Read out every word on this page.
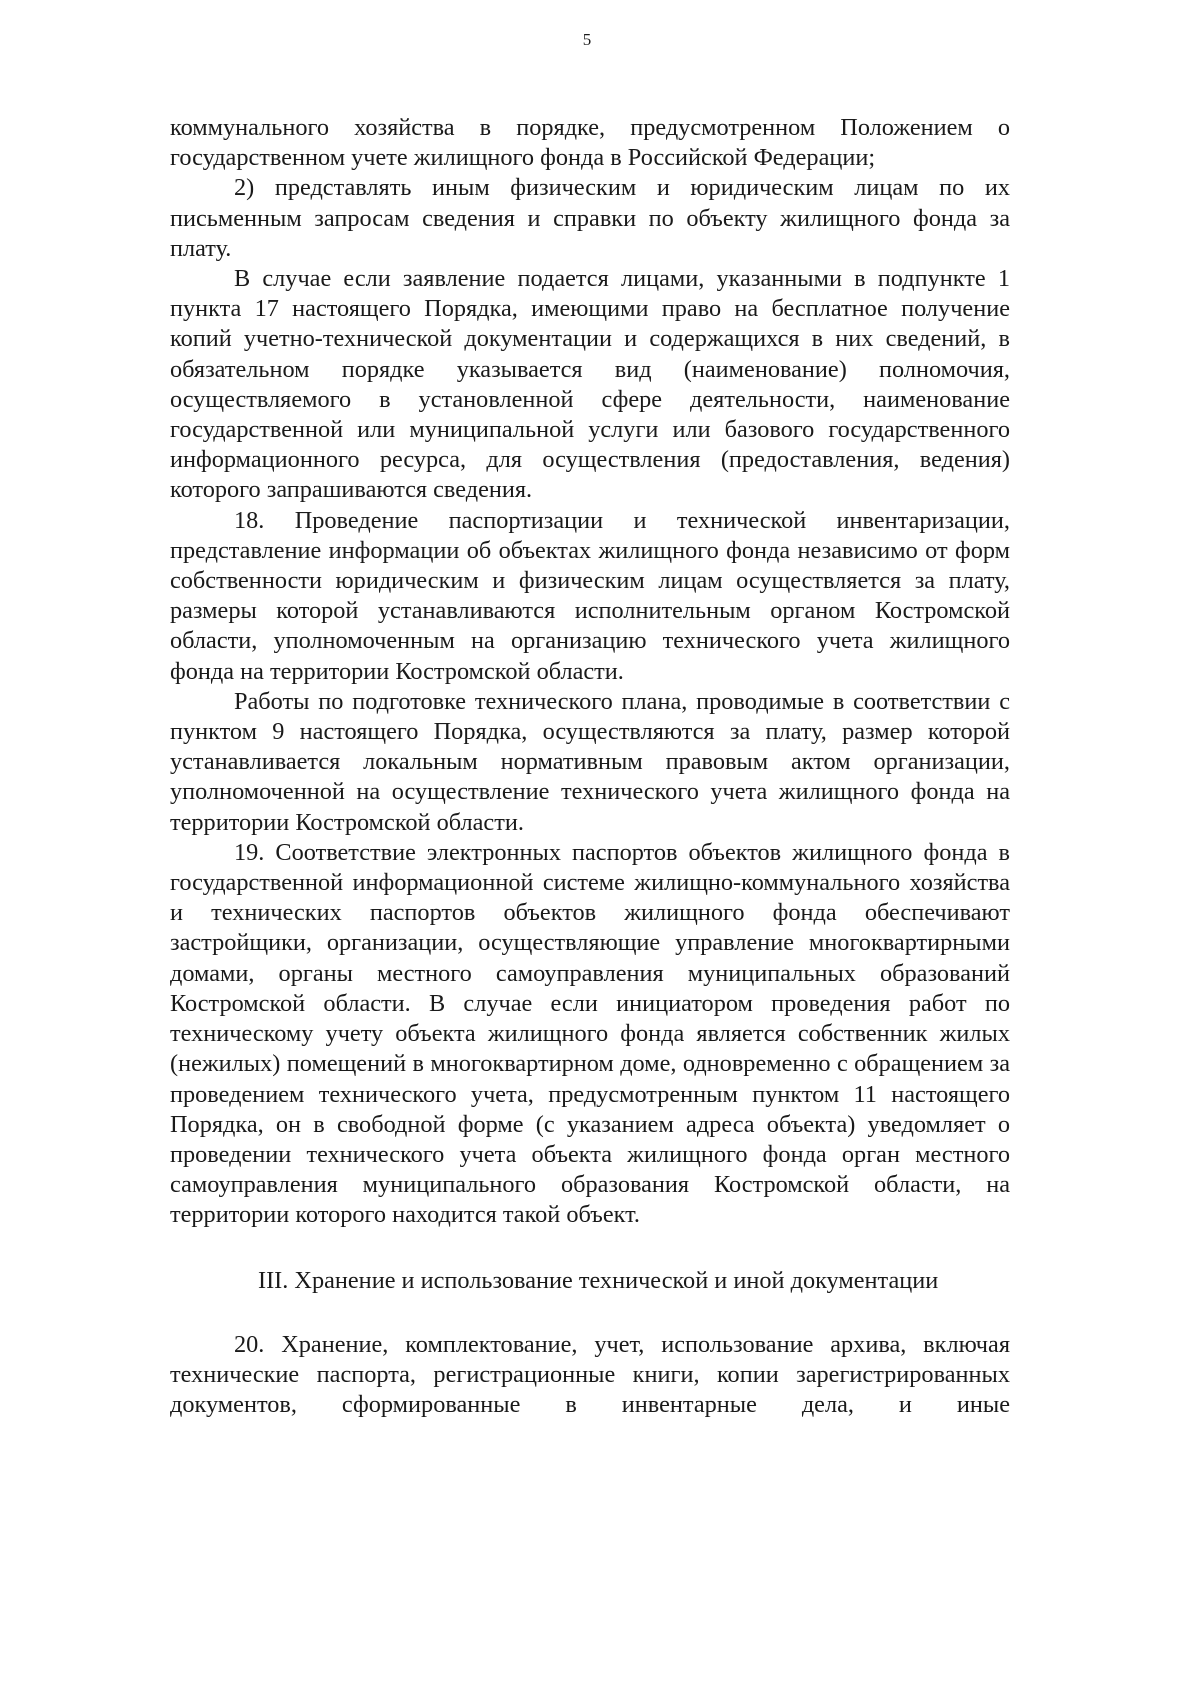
5

коммунального хозяйства в порядке, предусмотренном Положением о государственном учете жилищного фонда в Российской Федерации;

2) представлять иным физическим и юридическим лицам по их письменным запросам сведения и справки по объекту жилищного фонда за плату.

В случае если заявление подается лицами, указанными в подпункте 1 пункта 17 настоящего Порядка, имеющими право на бесплатное получение копий учетно-технической документации и содержащихся в них сведений, в обязательном порядке указывается вид (наименование) полномочия, осуществляемого в установленной сфере деятельности, наименование государственной или муниципальной услуги или базового государственного информационного ресурса, для осуществления (предоставления, ведения) которого запрашиваются сведения.

18. Проведение паспортизации и технической инвентаризации, представление информации об объектах жилищного фонда независимо от форм собственности юридическим и физическим лицам осуществляется за плату, размеры которой устанавливаются исполнительным органом Костромской области, уполномоченным на организацию технического учета жилищного фонда на территории Костромской области.

Работы по подготовке технического плана, проводимые в соответствии с пунктом 9 настоящего Порядка, осуществляются за плату, размер которой устанавливается локальным нормативным правовым актом организации, уполномоченной на осуществление технического учета жилищного фонда на территории Костромской области.

19. Соответствие электронных паспортов объектов жилищного фонда в государственной информационной системе жилищно-коммунального хозяйства и технических паспортов объектов жилищного фонда обеспечивают застройщики, организации, осуществляющие управление многоквартирными домами, органы местного самоуправления муниципальных образований Костромской области. В случае если инициатором проведения работ по техническому учету объекта жилищного фонда является собственник жилых (нежилых) помещений в многоквартирном доме, одновременно с обращением за проведением технического учета, предусмотренным пунктом 11 настоящего Порядка, он в свободной форме (с указанием адреса объекта) уведомляет о проведении технического учета объекта жилищного фонда орган местного самоуправления муниципального образования Костромской области, на территории которого находится такой объект.

III. Хранение и использование технической и иной документации

20. Хранение, комплектование, учет, использование архива, включая технические паспорта, регистрационные книги, копии зарегистрированных документов, сформированные в инвентарные дела, и иные
